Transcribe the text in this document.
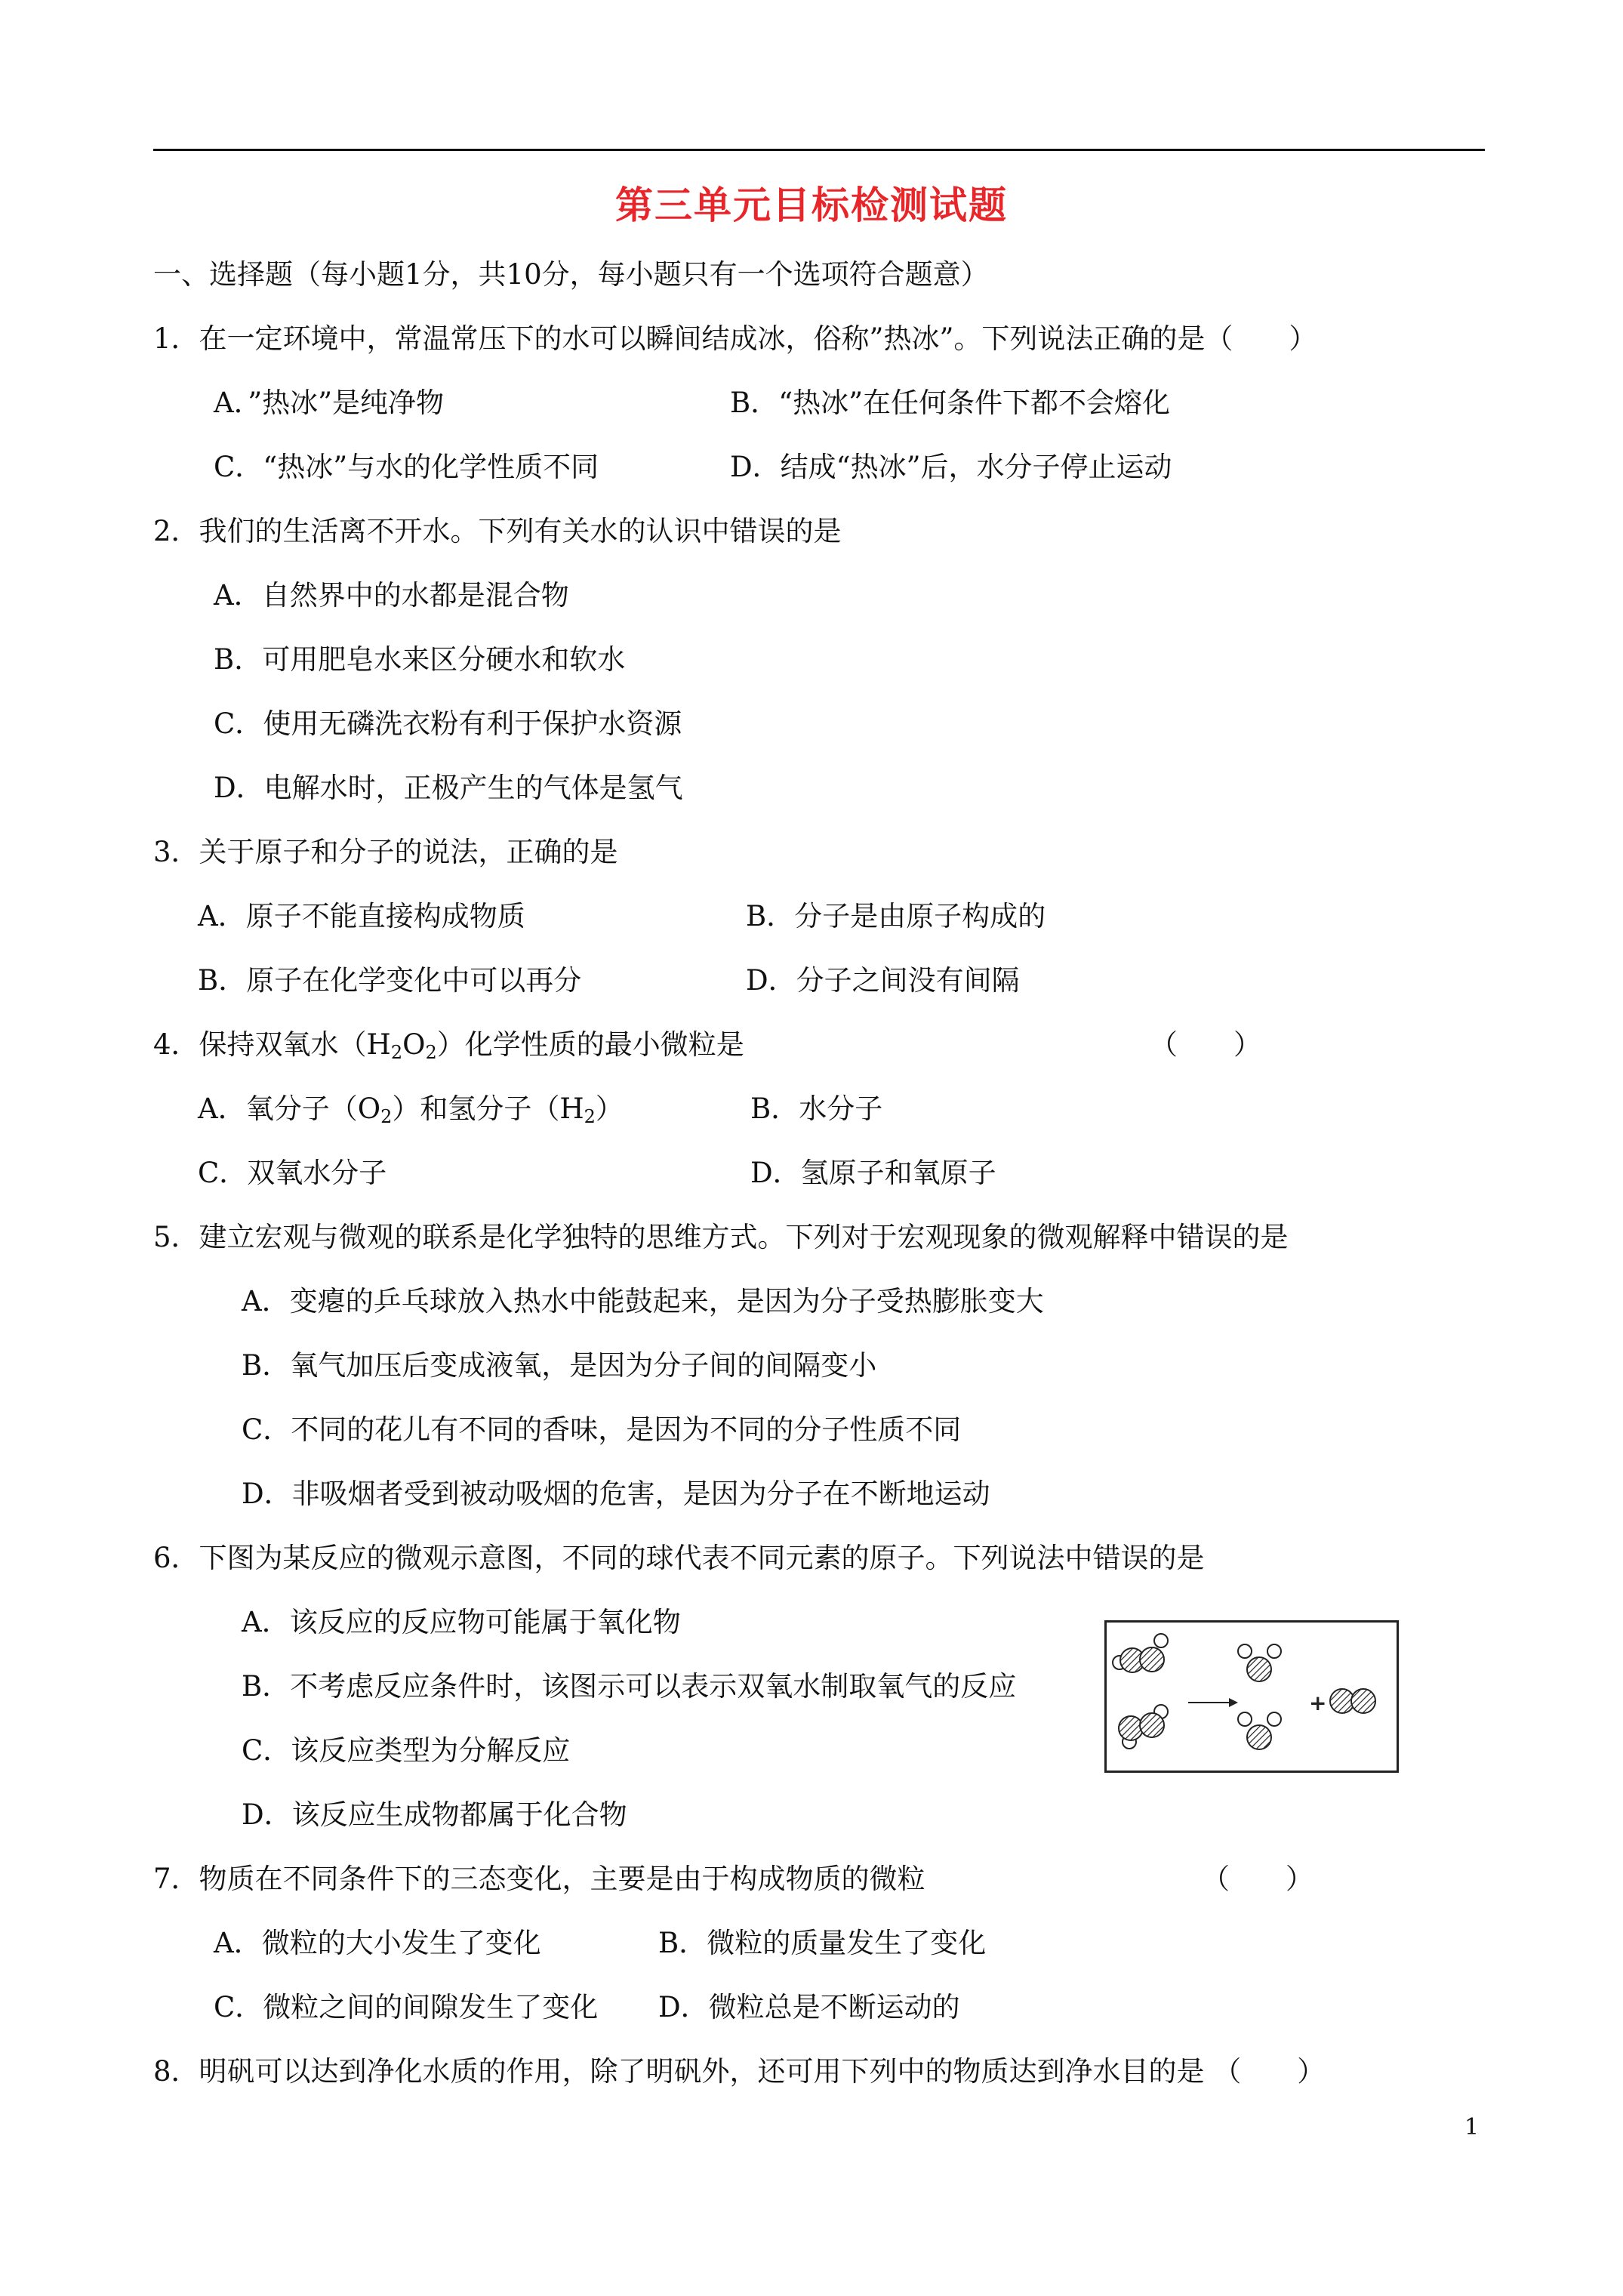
第三单元目标检测试题
一、选择题（每小题1分，共10分，每小题只有一个选项符合题意）
1．在一定环境中，常温常压下的水可以瞬间结成冰，俗称”热冰”。下列说法正确的是（　　）
A．”热冰”是纯净物	B．“热冰”在任何条件下都不会熔化
C．“热冰”与水的化学性质不同	D．结成“热冰”后，水分子停止运动
2．我们的生活离不开水。下列有关水的认识中错误的是
A．自然界中的水都是混合物
B．可用肥皂水来区分硬水和软水
C．使用无磷洗衣粉有利于保护水资源
D．电解水时，正极产生的气体是氢气
3．关于原子和分子的说法，正确的是
A．原子不能直接构成物质	B．分子是由原子构成的
B．原子在化学变化中可以再分	D．分子之间没有间隔
4．保持双氧水$(H_2O_2)$化学性质的最小微粒是	（　　）
A．氧分子$(O_2)$和氢分子$(H_2)$	B．水分子
C．双氧水分子	D．氢原子和氧原子
5．建立宏观与微观的联系是化学独特的思维方式。下列对于宏观现象的微观解释中错误的是
A．变瘪的乒乓球放入热水中能鼓起来，是因为分子受热膨胀变大
B．氧气加压后变成液氧，是因为分子间的间隔变小
C．不同的花儿有不同的香味，是因为不同的分子性质不同
D．非吸烟者受到被动吸烟的危害，是因为分子在不断地运动
6．下图为某反应的微观示意图，不同的球代表不同元素的原子。下列说法中错误的是
A．该反应的反应物可能属于氧化物
B．不考虑反应条件时，该图示可以表示双氧水制取氧气的反应
C．该反应类型为分解反应
D．该反应生成物都属于化合物
+
7．物质在不同条件下的三态变化，主要是由于构成物质的微粒	（　　）
A．微粒的大小发生了变化	B．微粒的质量发生了变化
C．微粒之间的间隙发生了变化 D．微粒总是不断运动的
8．明矾可以达到净化水质的作用，除了明矾外，还可用下列中的物质达到净水目的是 （　　）
1
